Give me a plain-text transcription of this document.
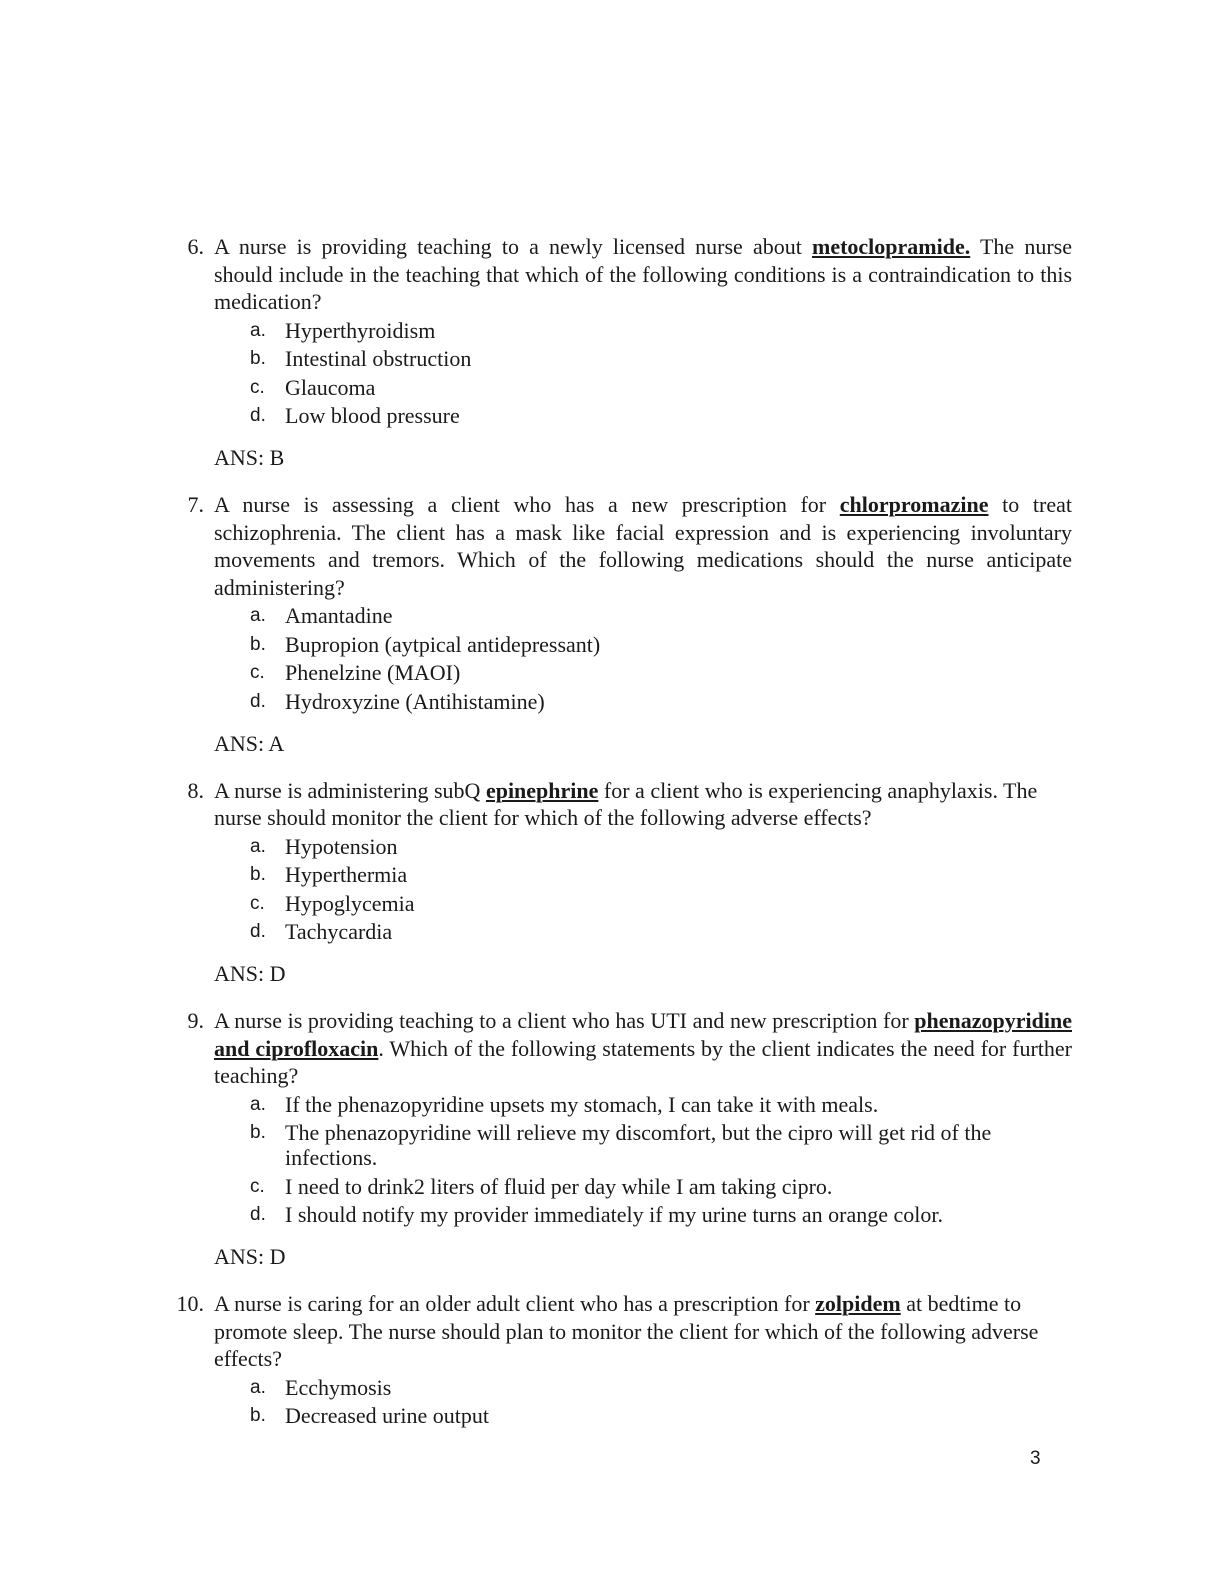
6. A nurse is providing teaching to a newly licensed nurse about metoclopramide. The nurse should include in the teaching that which of the following conditions is a contraindication to this medication?

a. Hyperthyroidism
b. Intestinal obstruction
c. Glaucoma
d. Low blood pressure

ANS: B

7. A nurse is assessing a client who has a new prescription for chlorpromazine to treat schizophrenia. The client has a mask like facial expression and is experiencing involuntary movements and tremors. Which of the following medications should the nurse anticipate administering?

a. Amantadine
b. Bupropion (aytpical antidepressant)
c. Phenelzine (MAOI)
d. Hydroxyzine (Antihistamine)

ANS: A

8. A nurse is administering subQ epinephrine for a client who is experiencing anaphylaxis. The nurse should monitor the client for which of the following adverse effects?

a. Hypotension
b. Hyperthermia
c. Hypoglycemia
d. Tachycardia

ANS: D

9. A nurse is providing teaching to a client who has UTI and new prescription for phenazopyridine and ciprofloxacin. Which of the following statements by the client indicates the need for further teaching?

a. If the phenazopyridine upsets my stomach, I can take it with meals.
b. The phenazopyridine will relieve my discomfort, but the cipro will get rid of the infections.
c. I need to drink2 liters of fluid per day while I am taking cipro.
d. I should notify my provider immediately if my urine turns an orange color.

ANS: D

10. A nurse is caring for an older adult client who has a prescription for zolpidem at bedtime to promote sleep. The nurse should plan to monitor the client for which of the following adverse effects?

a. Ecchymosis
b. Decreased urine output
3
